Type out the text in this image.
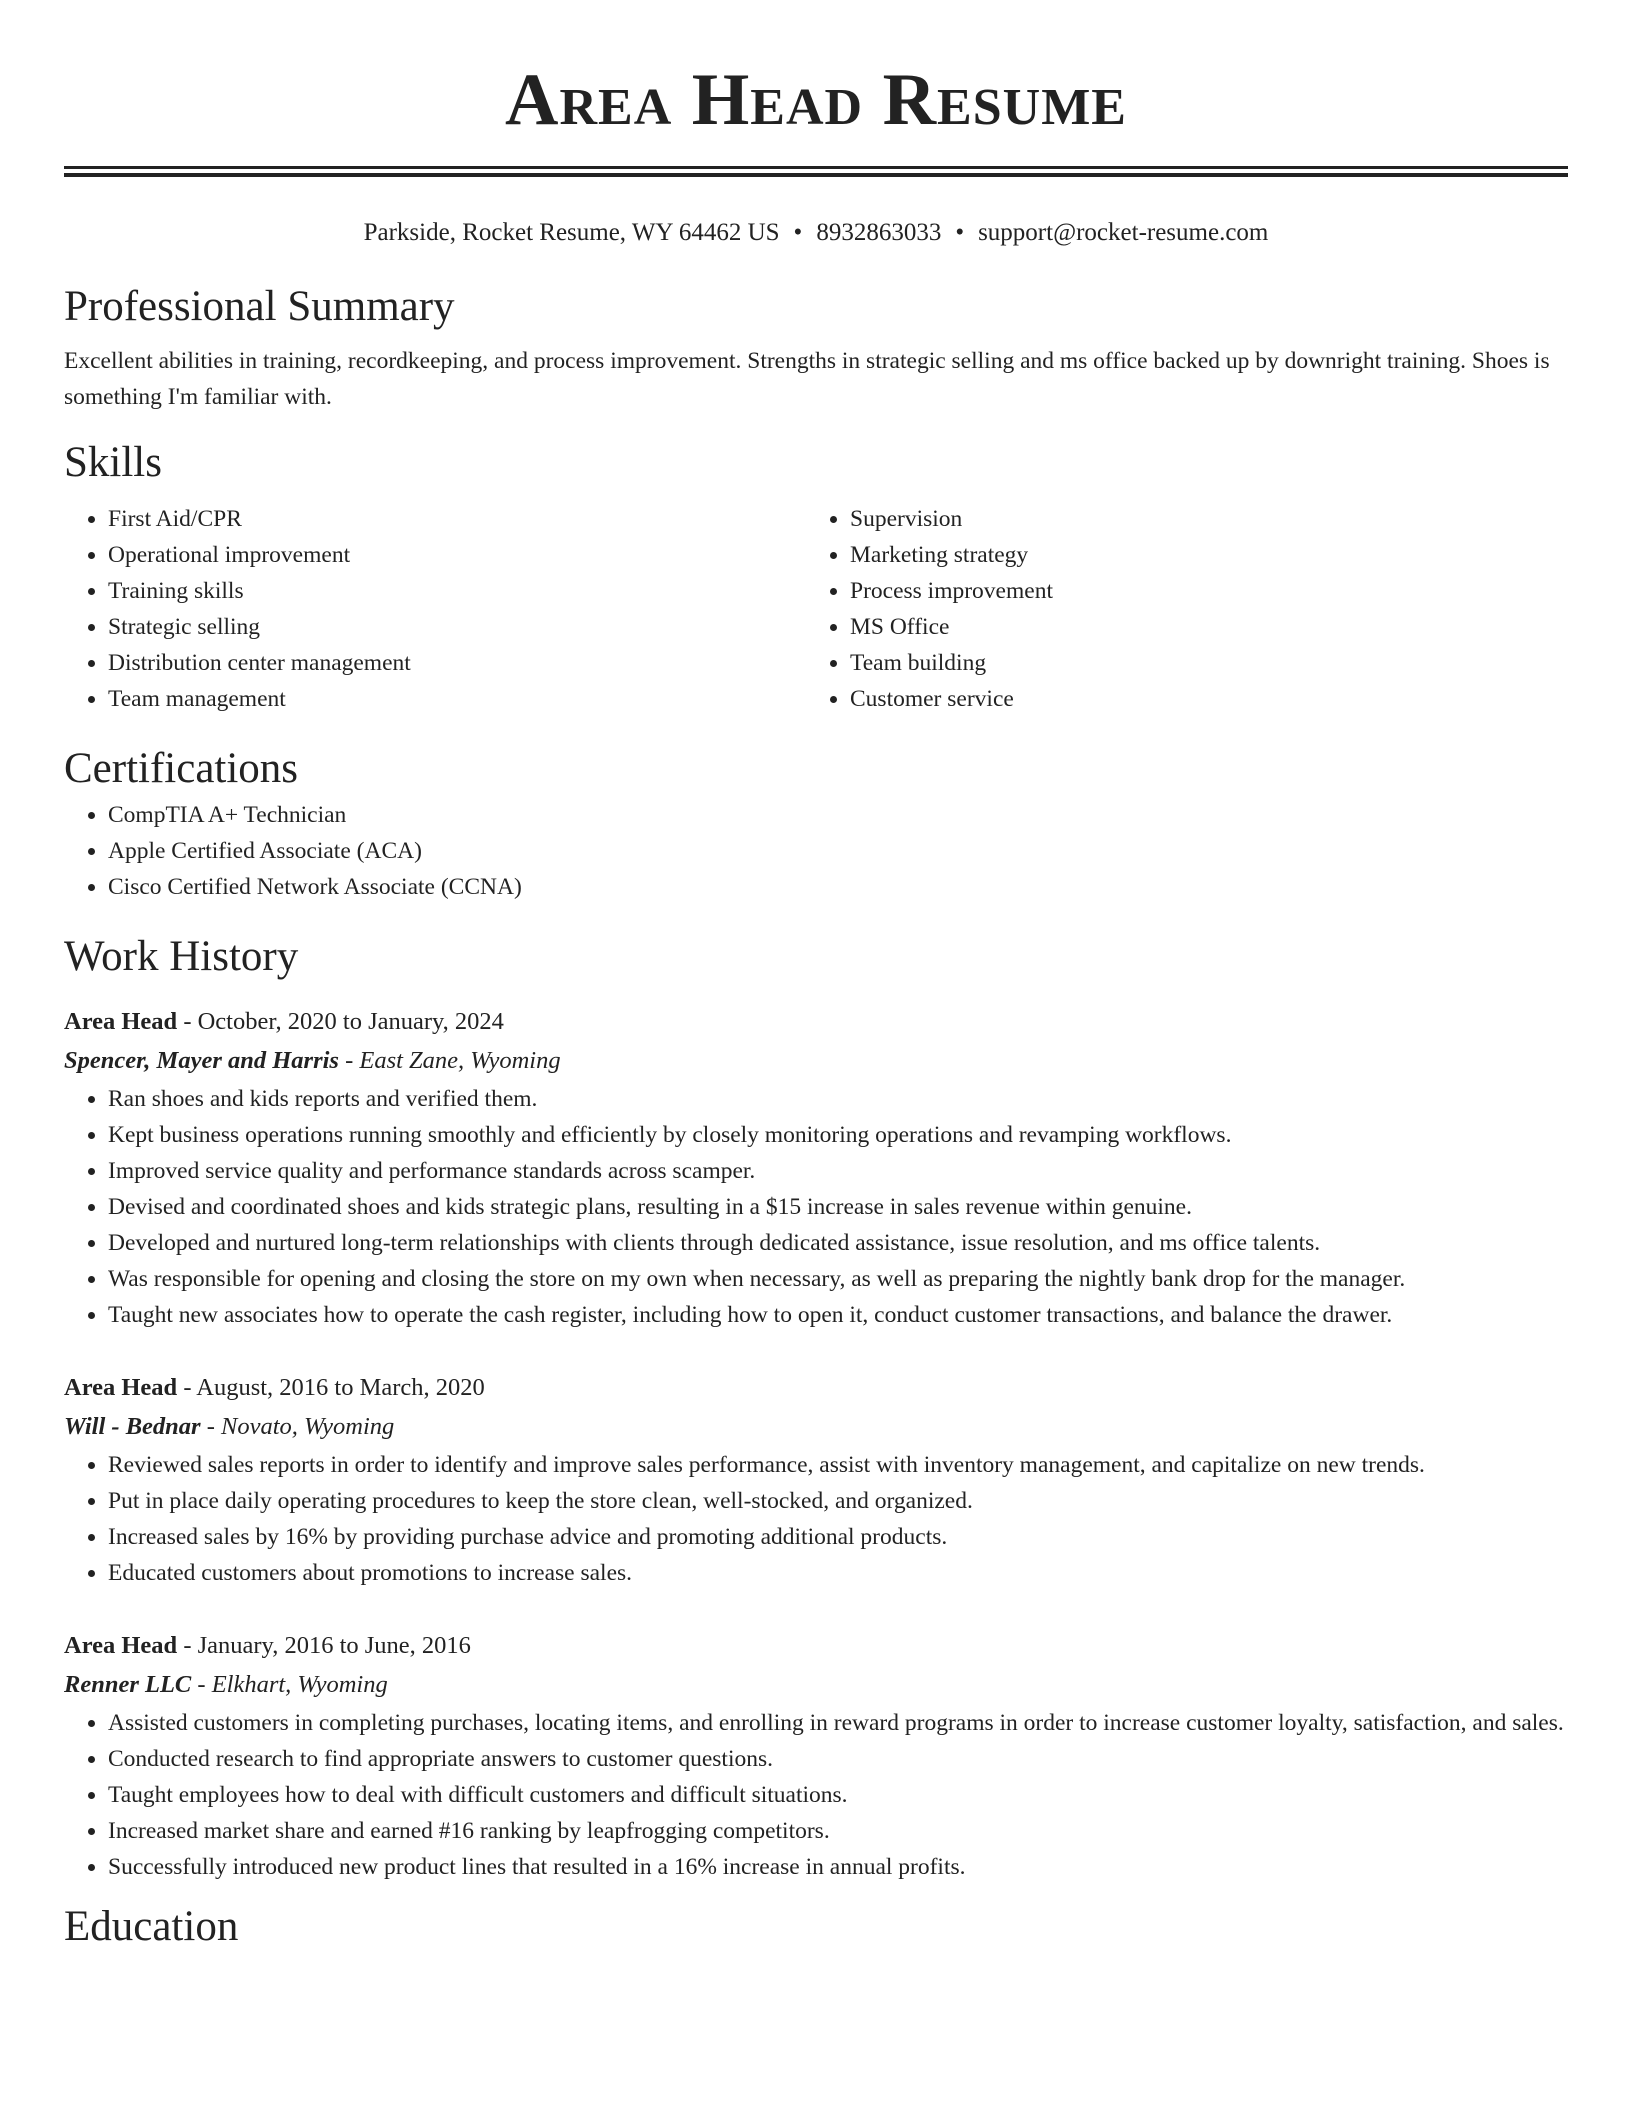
Area Head Resume
Parkside, Rocket Resume, WY 64462 US • 8932863033 • support@rocket-resume.com
Professional Summary

Excellent abilities in training, recordkeeping, and process improvement. Strengths in strategic selling and ms office backed up by downright training. Shoes is something I'm familiar with.

Skills
• First Aid/CPR
• Operational improvement
• Training skills
• Strategic selling
• Distribution center management
• Team management
• Supervision
• Marketing strategy
• Process improvement
• MS Office
• Team building
• Customer service
Certifications
• CompTIA A+ Technician
• Apple Certified Associate (ACA)
• Cisco Certified Network Associate (CCNA)
Work History
Area Head - October, 2020 to January, 2024
Spencer, Mayer and Harris - East Zane, Wyoming
• Ran shoes and kids reports and verified them.
• Kept business operations running smoothly and efficiently by closely monitoring operations and revamping workflows.
• Improved service quality and performance standards across scamper.
• Devised and coordinated shoes and kids strategic plans, resulting in a $15 increase in sales revenue within genuine.
• Developed and nurtured long-term relationships with clients through dedicated assistance, issue resolution, and ms office talents.
• Was responsible for opening and closing the store on my own when necessary, as well as preparing the nightly bank drop for the manager.
• Taught new associates how to operate the cash register, including how to open it, conduct customer transactions, and balance the drawer.
Area Head - August, 2016 to March, 2020
Will - Bednar - Novato, Wyoming
• Reviewed sales reports in order to identify and improve sales performance, assist with inventory management, and capitalize on new trends.
• Put in place daily operating procedures to keep the store clean, well-stocked, and organized.
• Increased sales by 16% by providing purchase advice and promoting additional products.
• Educated customers about promotions to increase sales.
Area Head - January, 2016 to June, 2016
Renner LLC - Elkhart, Wyoming
• Assisted customers in completing purchases, locating items, and enrolling in reward programs in order to increase customer loyalty, satisfaction, and sales.
• Conducted research to find appropriate answers to customer questions.
• Taught employees how to deal with difficult customers and difficult situations.
• Increased market share and earned #16 ranking by leapfrogging competitors.
• Successfully introduced new product lines that resulted in a 16% increase in annual profits.
Education
